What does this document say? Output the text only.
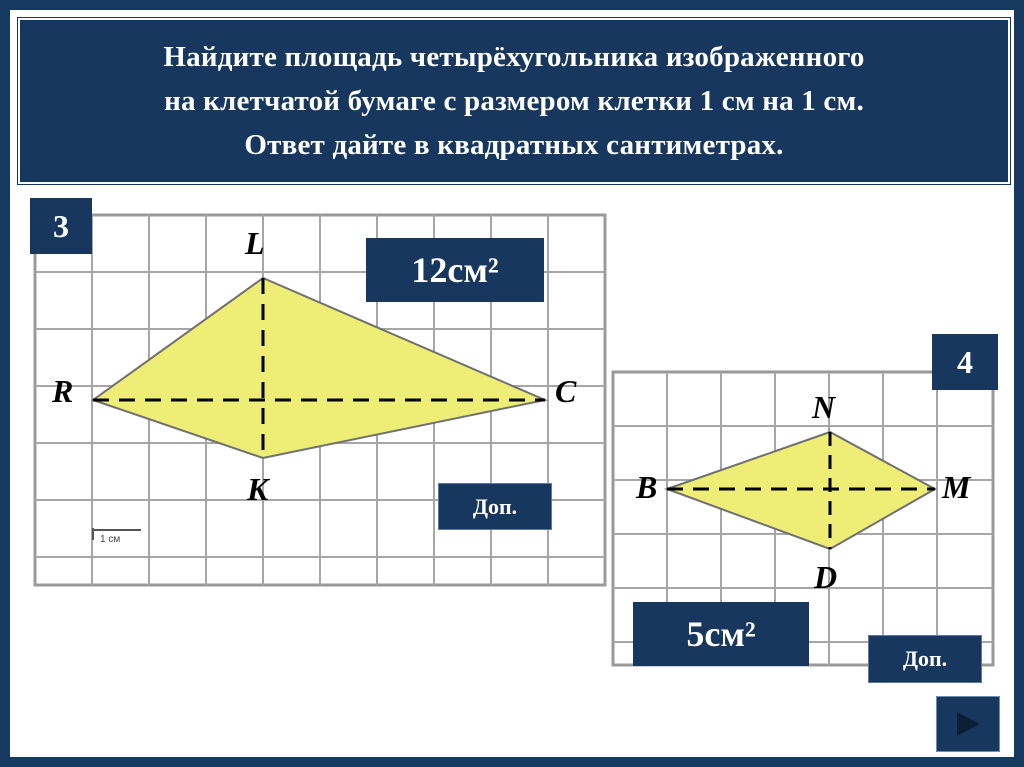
Найдите площадь четырёхугольника изображенного
на клетчатой бумаге с размером клетки 1 см на 1 см.
Ответ дайте в квадратных сантиметрах.
L
R	C
K
1 см
N
B	M
D
3
12см²
Доп.
4
5см²
Доп.
